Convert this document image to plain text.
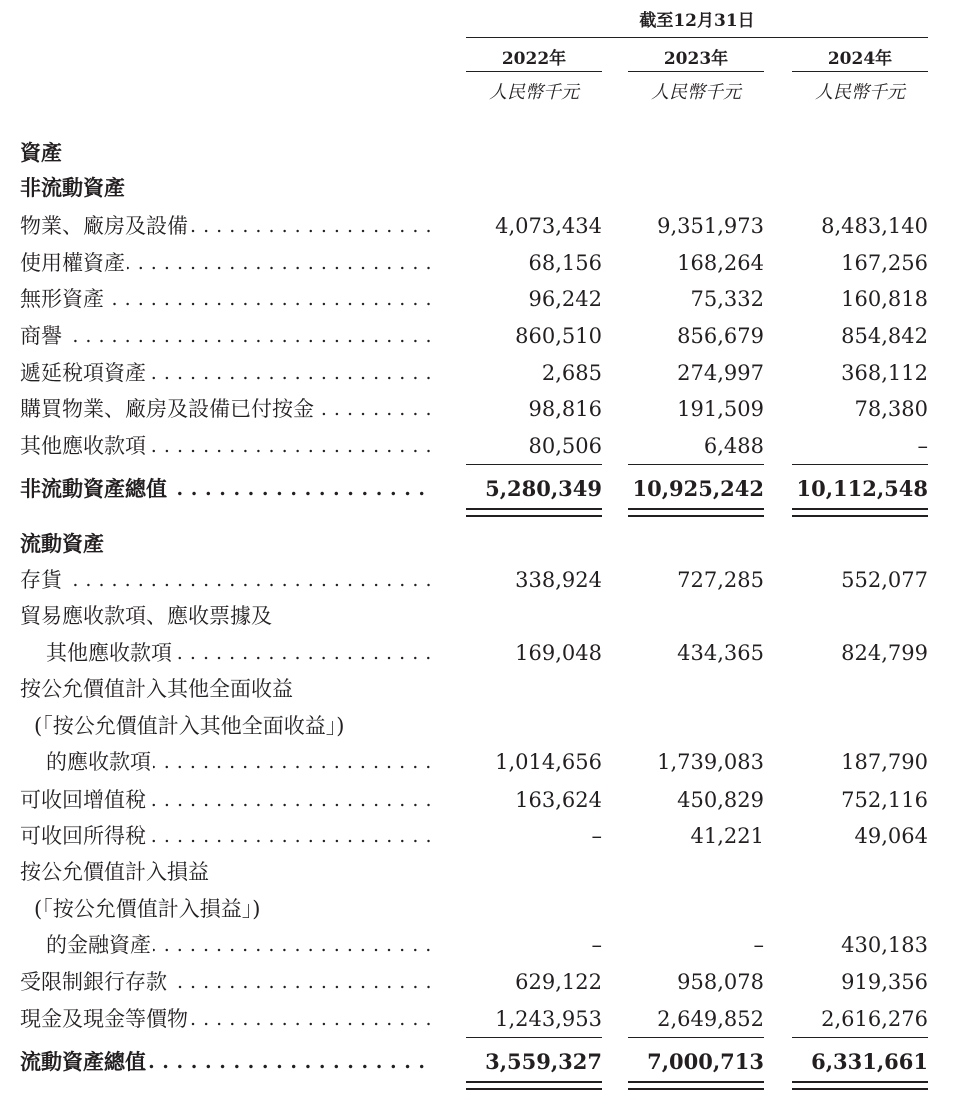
截至12月31日
2022年	2023年	2024年
人民幣千元	人民幣千元	人民幣千元
資產
非流動資產
物業、廠房及設備 . . .	4,073,434	9,351,973	8,483,140
使用權資產 . . .	68,156	168,264	167,256
無形資產 . . .	96,242	75,332	160,818
商譽 . . .	860,510	856,679	854,842
遞延稅項資產 . . .	2,685	274,997	368,112
購買物業、廠房及設備已付按金 . . .	98,816	191,509	78,380
其他應收款項 . . .	80,506	6,488	–
非流動資產總值 . . .	5,280,349 10,925,242 10,112,548
流動資產
存貨 . . .	338,924	727,285	552,077
貿易應收款項、應收票據及
其他應收款項 . . .	169,048	434,365	824,799
按公允價值計入其他全面收益
(「按公允價值計入其他全面收益」)
的應收款項 . . .	1,014,656	1,739,083	187,790
可收回增值稅 . . .	163,624	450,829	752,116
可收回所得稅 . . .	–	41,221	49,064
按公允價值計入損益
(「按公允價值計入損益」)
的金融資產 . . .	–	–	430,183
受限制銀行存款 . . .	629,122	958,078	919,356
現金及現金等價物 . . .	1,243,953	2,649,852	2,616,276
流動資產總值 . . .	3,559,327	7,000,713	6,331,661
